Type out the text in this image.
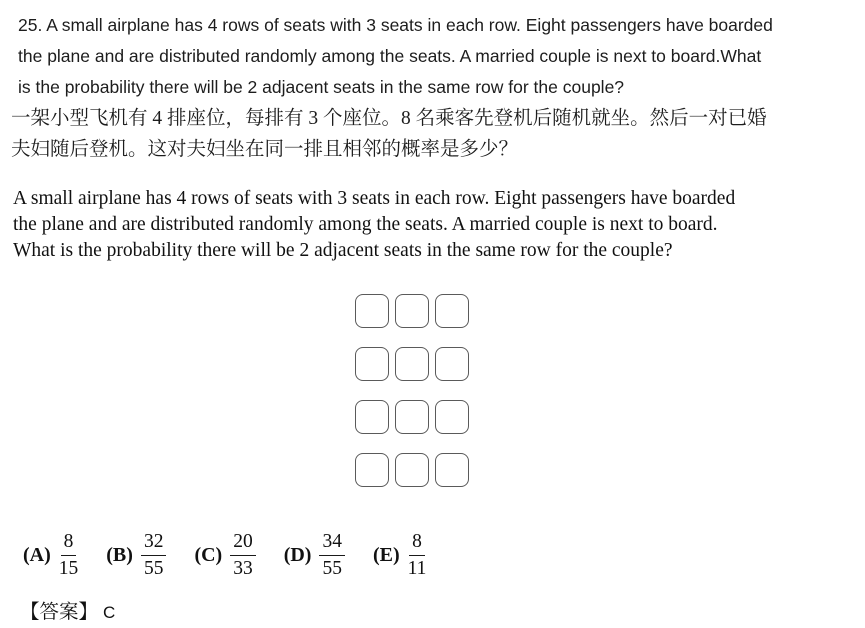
25. A small airplane has 4 rows of seats with 3 seats in each row. Eight passengers have boarded
the plane and are distributed randomly among the seats. A married couple is next to board.What
is the probability there will be 2 adjacent seats in the same row for the couple?
一架小型飞机有 4 排座位，每排有 3 个座位。8 名乘客先登机后随机就坐。然后一对已婚
夫妇随后登机。这对夫妇坐在同一排且相邻的概率是多少？
A small airplane has 4 rows of seats with 3 seats in each row. Eight passengers have boarded
the plane and are distributed randomly among the seats. A married couple is next to board.
What is the probability there will be 2 adjacent seats in the same row for the couple?
$(A) \frac{8}{15} (B) \frac{32}{55} (C) \frac{20}{33} (D) \frac{34}{55} (E) \frac{8}{11}$
【答案】 C
